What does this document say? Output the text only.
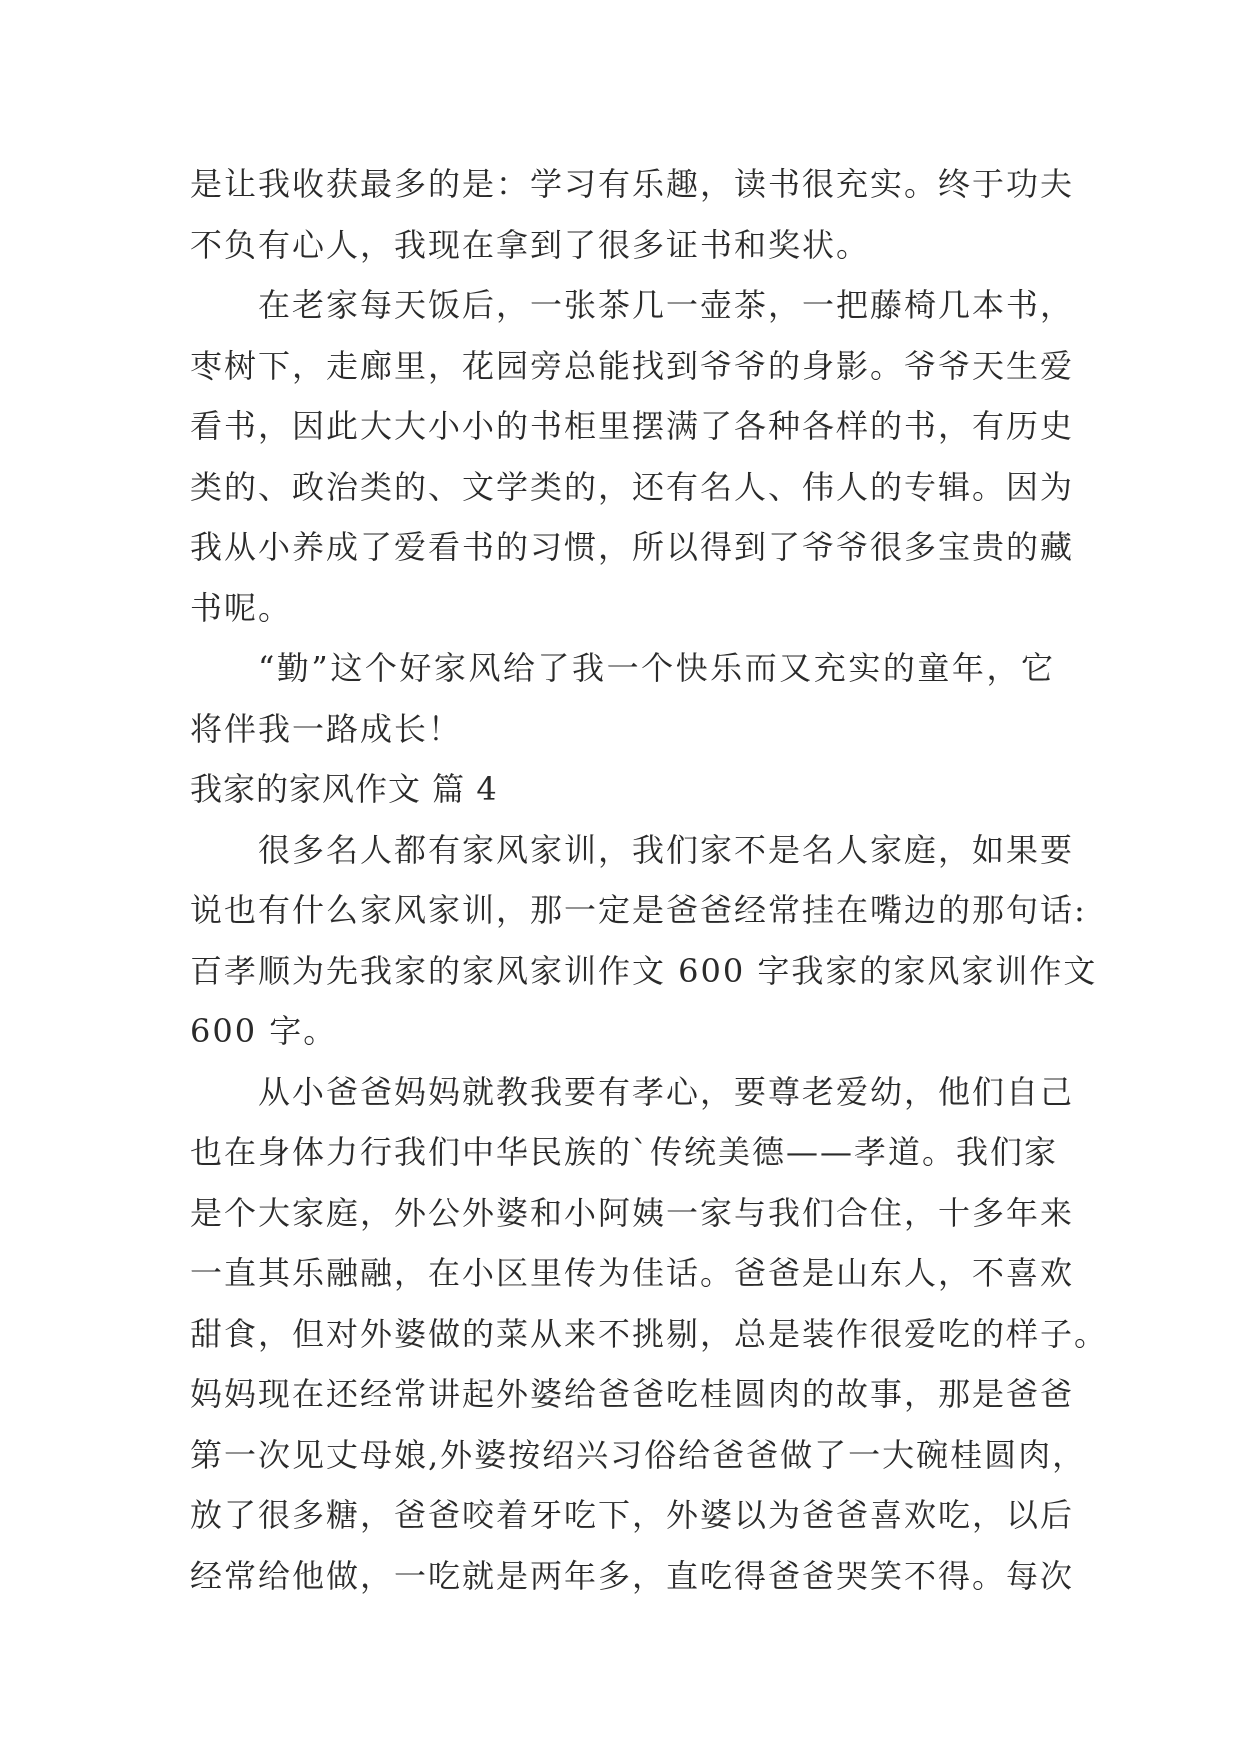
是让我收获最多的是：学习有乐趣，读书很充实。终于功夫
不负有心人，我现在拿到了很多证书和奖状。
在老家每天饭后，一张茶几一壶茶，一把藤椅几本书，
枣树下，走廊里，花园旁总能找到爷爷的身影。爷爷天生爱
看书，因此大大小小的书柜里摆满了各种各样的书，有历史
类的、政治类的、文学类的，还有名人、伟人的专辑。因为
我从小养成了爱看书的习惯，所以得到了爷爷很多宝贵的藏
书呢。
“勤”这个好家风给了我一个快乐而又充实的童年，它
将伴我一路成长！
我家的家风作文 篇 4
很多名人都有家风家训，我们家不是名人家庭，如果要
说也有什么家风家训，那一定是爸爸经常挂在嘴边的那句话:
百孝顺为先我家的家风家训作文 600 字我家的家风家训作文
600 字。
从小爸爸妈妈就教我要有孝心，要尊老爱幼，他们自己
也在身体力行我们中华民族的`传统美德——孝道。我们家
是个大家庭，外公外婆和小阿姨一家与我们合住，十多年来
一直其乐融融，在小区里传为佳话。爸爸是山东人，不喜欢
甜食，但对外婆做的菜从来不挑剔，总是装作很爱吃的样子。
妈妈现在还经常讲起外婆给爸爸吃桂圆肉的故事，那是爸爸
第一次见丈母娘,外婆按绍兴习俗给爸爸做了一大碗桂圆肉，
放了很多糖，爸爸咬着牙吃下，外婆以为爸爸喜欢吃，以后
经常给他做，一吃就是两年多，直吃得爸爸哭笑不得。每次
